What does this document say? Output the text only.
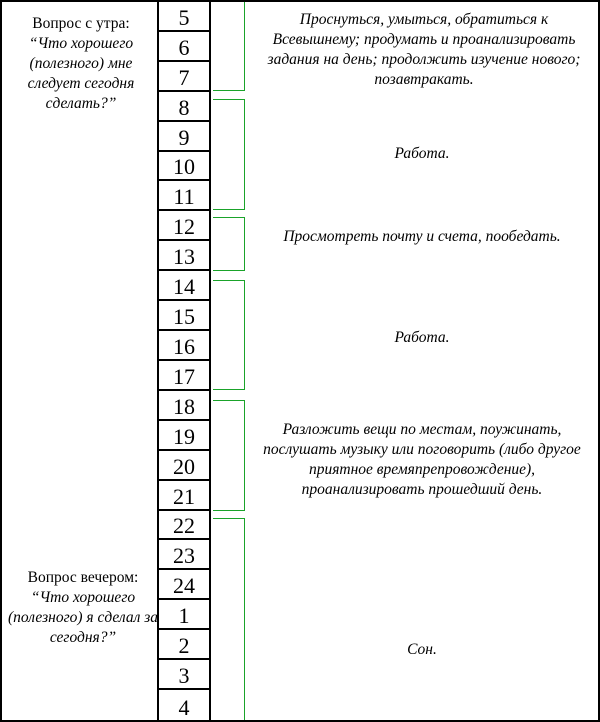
Вопрос с утра:
“Что хорошего (полезного) мне следует сегодня сделать?”
5
6
7
8
9
10
11
12
13
14
15
16
17
18
19
20
21
22
23
24
1
2
3
4
Проснуться, умыться, обратиться к Всевышнему; продумать и проанализировать задания на день; продолжить изучение нового; позавтракать.
Работа.
Просмотреть почту и счета, пообедать.
Работа.
Разложить вещи по местам, поужинать, послушать музыку или поговорить (либо другое приятное времяпрепровождение), проанализировать прошедший день.
Сон.
Вопрос вечером:
“Что хорошего (полезного) я сделал за сегодня?”
